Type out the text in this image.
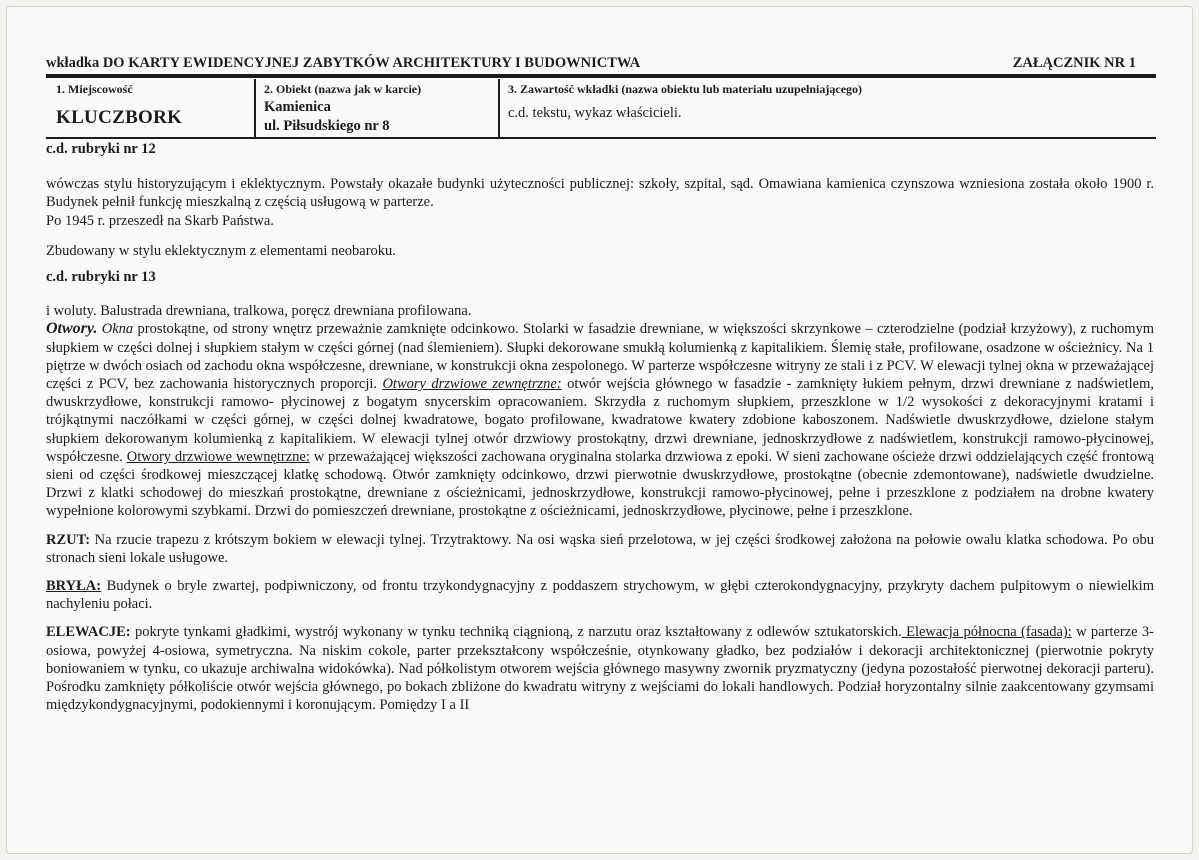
wkładka DO KARTY EWIDENCYJNEJ ZABYTKÓW ARCHITEKTURY I BUDOWNICTWA	ZAŁĄCZNIK NR 1
1. Miejscowość
KLUCZBORK
2. Obiekt (nazwa jak w karcie)
Kamienica
ul. Piłsudskiego nr 8
3. Zawartość wkładki (nazwa obiektu lub materiału uzupełniającego)
c.d. tekstu, wykaz właścicieli.

c.d. rubryki nr 12

wówczas stylu historyzującym i eklektycznym. Powstały okazałe budynki użyteczności publicznej: szkoły, szpital, sąd. Omawiana kamienica czynszowa wzniesiona została około 1900 r. Budynek pełnił funkcję mieszkalną z częścią usługową w parterze.

Po 1945 r. przeszedł na Skarb Państwa.

Zbudowany w stylu eklektycznym z elementami neobaroku.

c.d. rubryki nr 13

i woluty. Balustrada drewniana, tralkowa, poręcz drewniana profilowana.

Otwory. Okna prostokątne, od strony wnętrz przeważnie zamknięte odcinkowo. Stolarki w fasadzie drewniane, w większości skrzynkowe – czterodzielne (podział krzyżowy), z ruchomym słupkiem w części dolnej i słupkiem stałym w części górnej (nad ślemieniem). Słupki dekorowane smukłą kolumienką z kapitalikiem. Ślemię stałe, profilowane, osadzone w ościeżnicy. Na 1 piętrze w dwóch osiach od zachodu okna współczesne, drewniane, w konstrukcji okna zespolonego. W parterze współczesne witryny ze stali i z PCV. W elewacji tylnej okna w przeważającej części z PCV, bez zachowania historycznych proporcji. Otwory drzwiowe zewnętrzne: otwór wejścia głównego w fasadzie - zamknięty łukiem pełnym, drzwi drewniane z nadświetlem, dwuskrzydłowe, konstrukcji ramowo- płycinowej z bogatym snycerskim opracowaniem. Skrzydła z ruchomym słupkiem, przeszklone w 1/2 wysokości z dekoracyjnymi kratami i trójkątnymi naczółkami w części górnej, w części dolnej kwadratowe, bogato profilowane, kwadratowe kwatery zdobione kaboszonem. Nadświetle dwuskrzydłowe, dzielone stałym słupkiem dekorowanym kolumienką z kapitalikiem. W elewacji tylnej otwór drzwiowy prostokątny, drzwi drewniane, jednoskrzydłowe z nadświetlem, konstrukcji ramowo-płycinowej, współczesne. Otwory drzwiowe wewnętrzne: w przeważającej większości zachowana oryginalna stolarka drzwiowa z epoki. W sieni zachowane ościeże drzwi oddzielających część frontową sieni od części środkowej mieszczącej klatkę schodową. Otwór zamknięty odcinkowo, drzwi pierwotnie dwuskrzydłowe, prostokątne (obecnie zdemontowane), nadświetle dwudzielne. Drzwi z klatki schodowej do mieszkań prostokątne, drewniane z ościeżnicami, jednoskrzydłowe, konstrukcji ramowo-płycinowej, pełne i przeszklone z podziałem na drobne kwatery wypełnione kolorowymi szybkami. Drzwi do pomieszczeń drewniane, prostokątne z ościeżnicami, jednoskrzydłowe, płycinowe, pełne i przeszklone.

RZUT: Na rzucie trapezu z krótszym bokiem w elewacji tylnej. Trzytraktowy. Na osi wąska sień przelotowa, w jej części środkowej założona na połowie owalu klatka schodowa. Po obu stronach sieni lokale usługowe.

BRYŁA: Budynek o bryle zwartej, podpiwniczony, od frontu trzykondygnacyjny z poddaszem strychowym, w głębi czterokondygnacyjny, przykryty dachem pulpitowym o niewielkim nachyleniu połaci.

ELEWACJE: pokryte tynkami gładkimi, wystrój wykonany w tynku techniką ciągnioną, z narzutu oraz kształtowany z odlewów sztukatorskich. Elewacja północna (fasada): w parterze 3-osiowa, powyżej 4-osiowa, symetryczna. Na niskim cokole, parter przekształcony współcześnie, otynkowany gładko, bez podziałów i dekoracji architektonicznej (pierwotnie pokryty boniowaniem w tynku, co ukazuje archiwalna widokówka). Nad półkolistym otworem wejścia głównego masywny zwornik pryzmatyczny (jedyna pozostałość pierwotnej dekoracji parteru). Pośrodku zamknięty półkoliście otwór wejścia głównego, po bokach zbliżone do kwadratu witryny z wejściami do lokali handlowych. Podział horyzontalny silnie zaakcentowany gzymsami międzykondygnacyjnymi, podokiennymi i koronującym. Pomiędzy I a II
